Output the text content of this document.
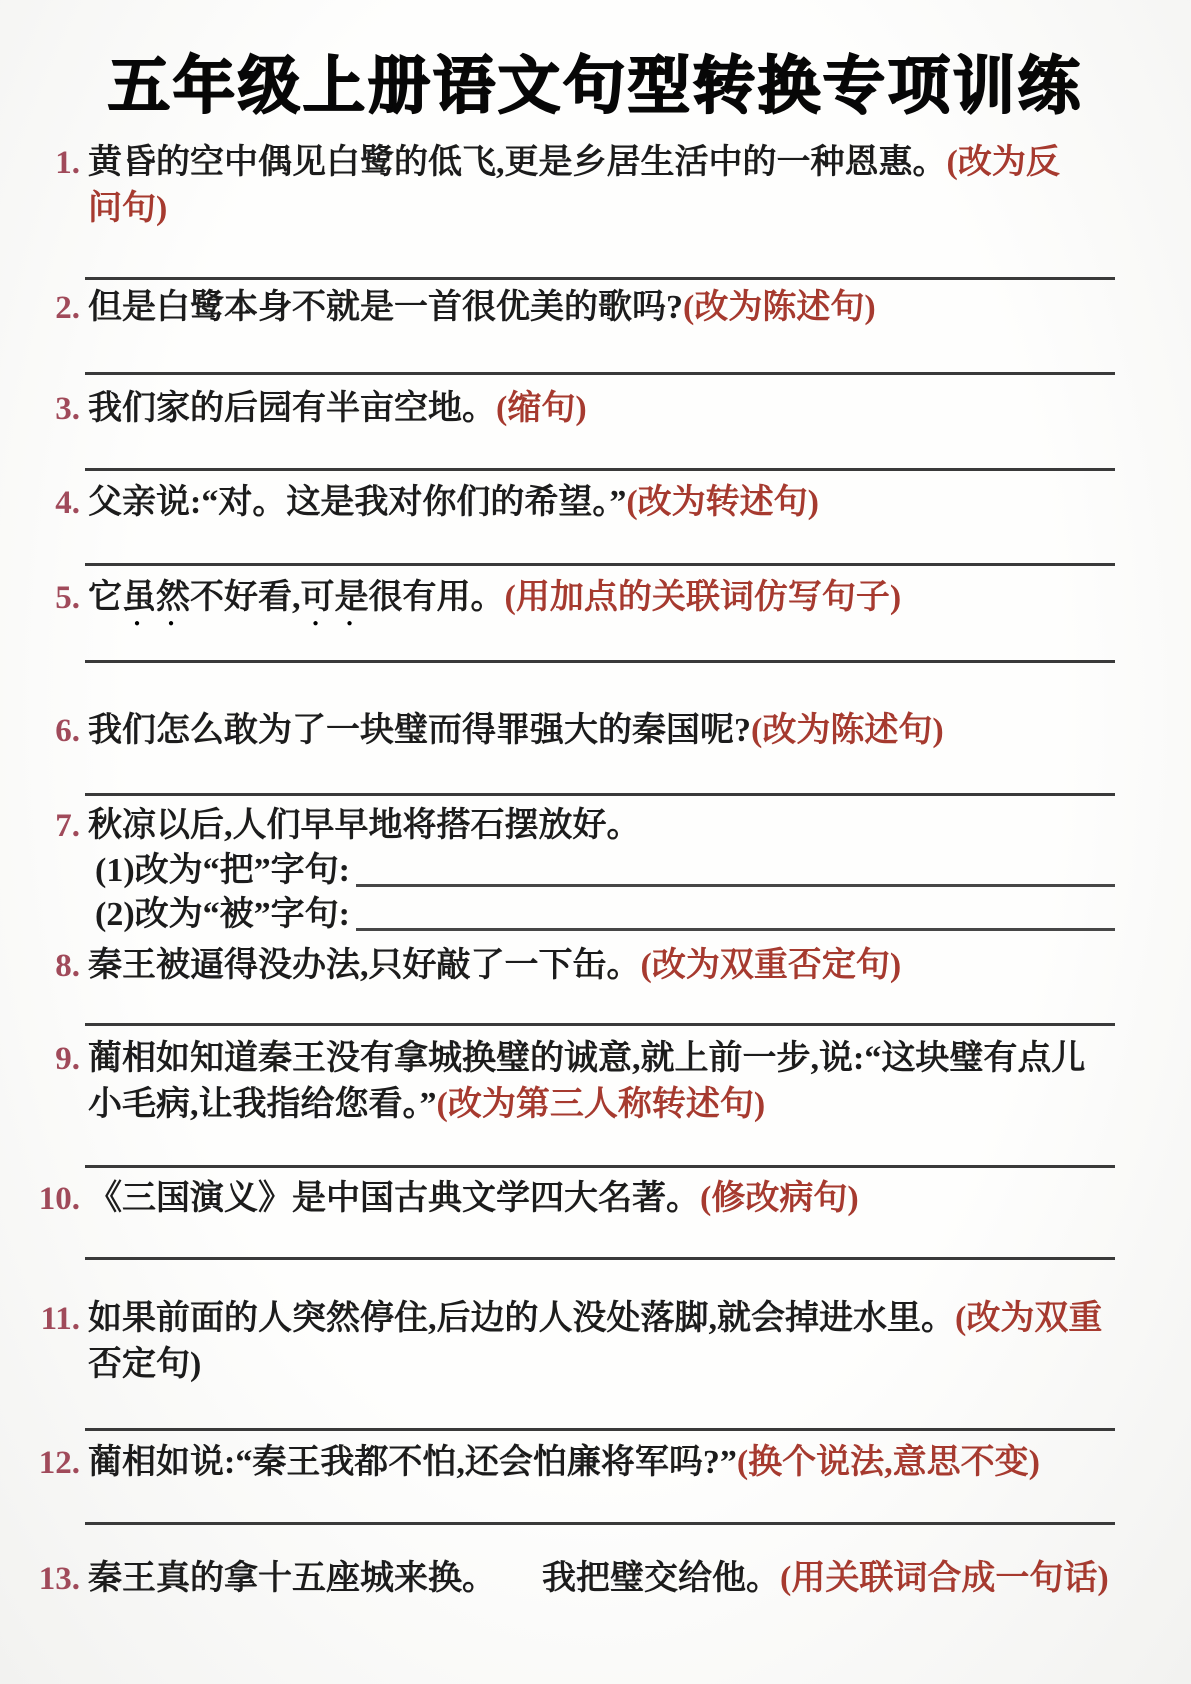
五年级上册语文句型转换专项训练
1. 黄昏的空中偶见白鹭的低飞,更是乡居生活中的一种恩惠。(改为反
问句)
2. 但是白鹭本身不就是一首很优美的歌吗?(改为陈述句)
3. 我们家的后园有半亩空地。(缩句)
4. 父亲说:“对。这是我对你们的希望。”(改为转述句)
5. 它● 虽然 ●不好看,● 可是 ●很有用。(用加点的关联词仿写句子)
6. 我们怎么敢为了一块璧而得罪强大的秦国呢?(改为陈述句)
7. 秋凉以后,人们早早地将搭石摆放好。
(1)改为“把”字句:
(2)改为“被”字句:
8. 秦王被逼得没办法,只好敲了一下缶。(改为双重否定句)
9. 蔺相如知道秦王没有拿城换璧的诚意,就上前一步,说:“这块璧有点儿
小毛病,让我指给您看。”(改为第三人称转述句)
10. 《三国演义》是中国古典文学四大名著。(修改病句)
11. 如果前面的人突然停住,后边的人没处落脚,就会掉进水里。(改为双重
否定句)
12. 蔺相如说:“秦王我都不怕,还会怕廉将军吗?”(换个说法,意思不变)
13. 秦王真的拿十五座城来换。 我把璧交给他。(用关联词合成一句话)
